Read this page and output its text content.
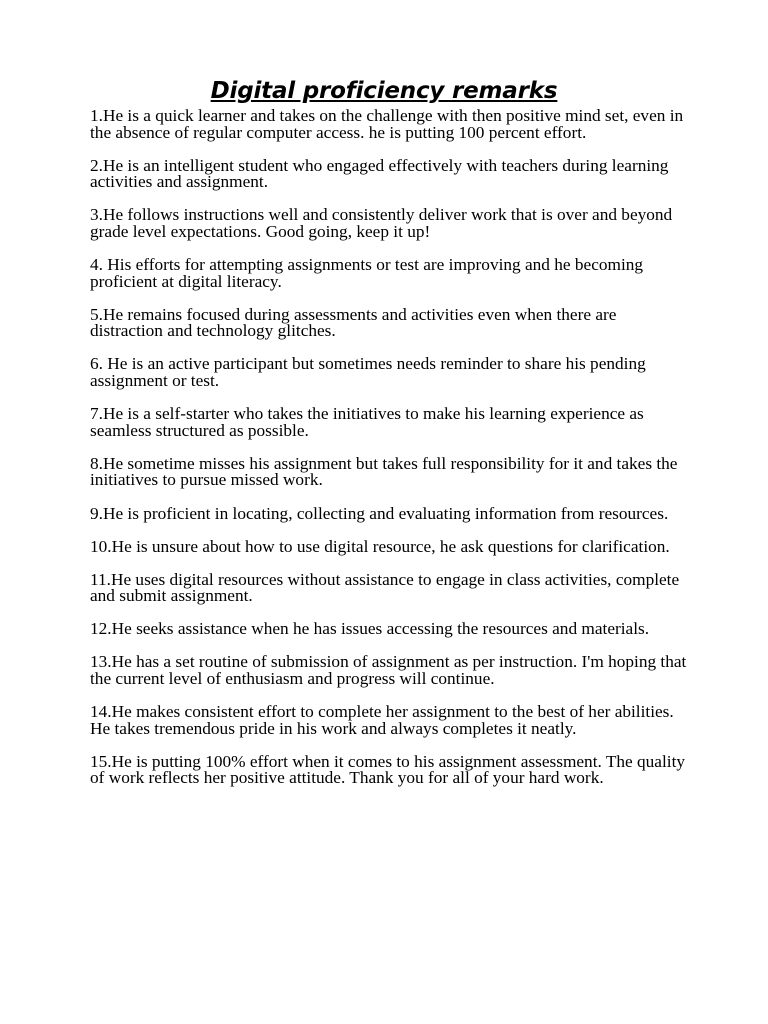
Digital proficiency remarks
1.He is a quick learner and takes on the challenge with then positive mind set, even in the absence of regular computer access. he is putting 100 percent effort.
2.He is an intelligent student who engaged effectively with teachers during learning activities and assignment.
3.He follows instructions well and consistently deliver work that is over and beyond grade level expectations. Good going, keep it up!
4. His efforts for attempting assignments or test are improving and he becoming proficient at digital literacy.
5.He remains focused during assessments and activities even when there are distraction and technology glitches.
6. He is an active participant but sometimes needs reminder to share his pending assignment or test.
7.He is a self-starter who takes the initiatives to make his learning experience as seamless structured as possible.
8.He sometime misses his assignment but takes full responsibility for it and takes the initiatives to pursue missed work.
9.He is proficient in locating, collecting and evaluating information from resources.
10.He is unsure about how to use digital resource, he ask questions for clarification.
11.He uses digital resources without assistance to engage in class activities, complete and submit assignment.
12.He seeks assistance when he has issues accessing the resources and materials.
13.He has a set routine of submission of assignment as per instruction. I'm hoping that the current level of enthusiasm and progress will continue.
14.He makes consistent effort to complete her assignment to the best of her abilities. He takes tremendous pride in his work and always completes it neatly.
15.He is putting 100% effort when it comes to his assignment assessment. The quality of work reflects her positive attitude. Thank you for all of your hard work.
